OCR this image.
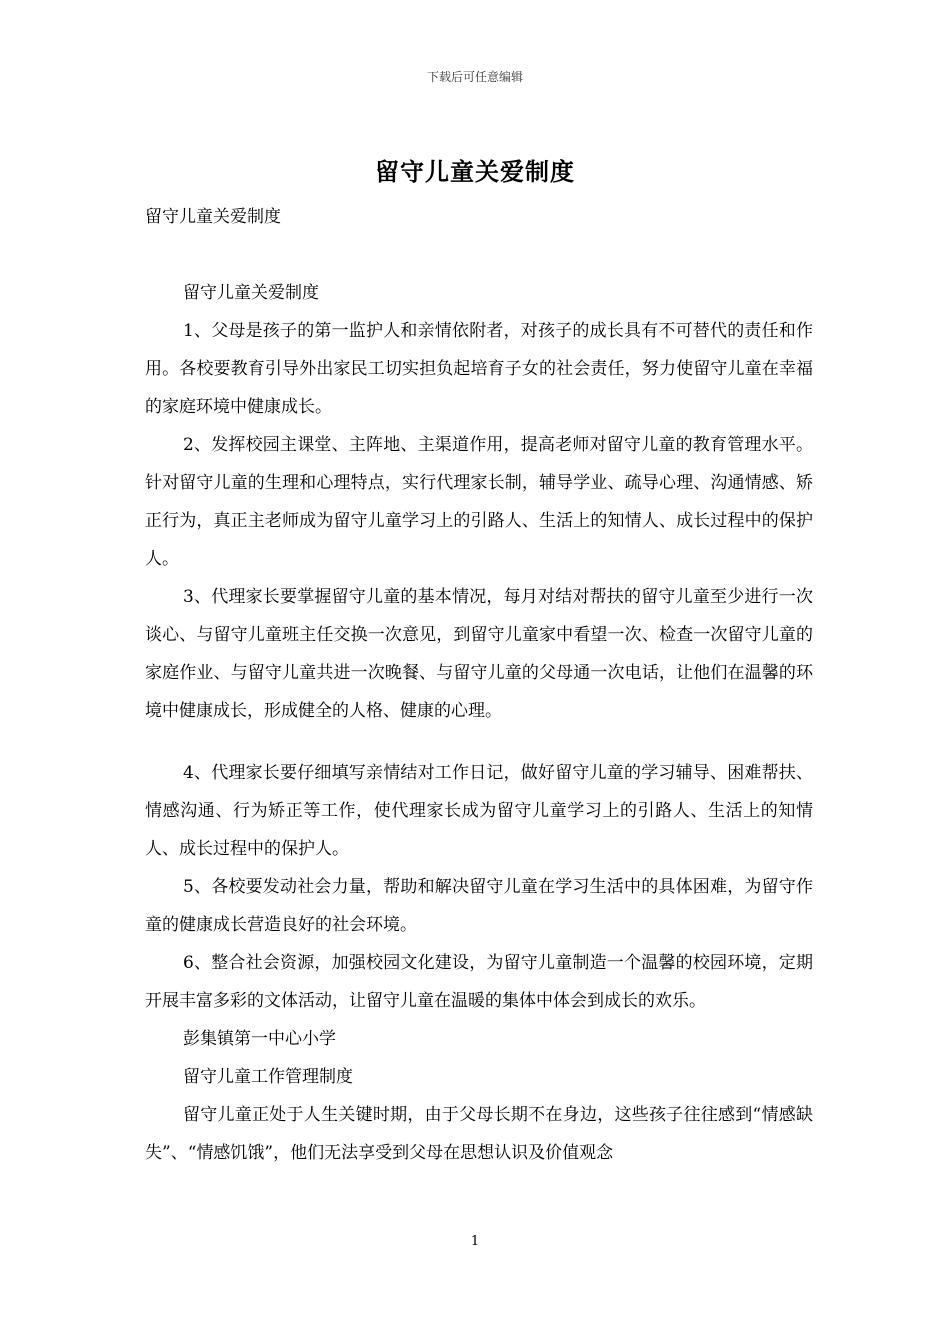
下载后可任意编辑
留守儿童关爱制度

留守儿童关爱制度

留守儿童关爱制度

1、父母是孩子的第一监护人和亲情依附者，对孩子的成长具有不可替代的责任和作用。各校要教育引导外出家民工切实担负起培育子女的社会责任，努力使留守儿童在幸福的家庭环境中健康成长。

2、发挥校园主课堂、主阵地、主渠道作用，提高老师对留守儿童的教育管理水平。针对留守儿童的生理和心理特点，实行代理家长制，辅导学业、疏导心理、沟通情感、矫正行为，真正主老师成为留守儿童学习上的引路人、生活上的知情人、成长过程中的保护人。

3、代理家长要掌握留守儿童的基本情况，每月对结对帮扶的留守儿童至少进行一次谈心、与留守儿童班主任交换一次意见，到留守儿童家中看望一次、检查一次留守儿童的家庭作业、与留守儿童共进一次晚餐、与留守儿童的父母通一次电话，让他们在温馨的环境中健康成长，形成健全的人格、健康的心理。

4、代理家长要仔细填写亲情结对工作日记，做好留守儿童的学习辅导、困难帮扶、情感沟通、行为矫正等工作，使代理家长成为留守儿童学习上的引路人、生活上的知情人、成长过程中的保护人。

5、各校要发动社会力量，帮助和解决留守儿童在学习生活中的具体困难，为留守作童的健康成长营造良好的社会环境。

6、整合社会资源，加强校园文化建设，为留守儿童制造一个温馨的校园环境，定期开展丰富多彩的文体活动，让留守儿童在温暖的集体中体会到成长的欢乐。

彭集镇第一中心小学

留守儿童工作管理制度

留守儿童正处于人生关键时期，由于父母长期不在身边，这些孩子往往感到“情感缺失”、“情感饥饿”，他们无法享受到父母在思想认识及价值观念

1
